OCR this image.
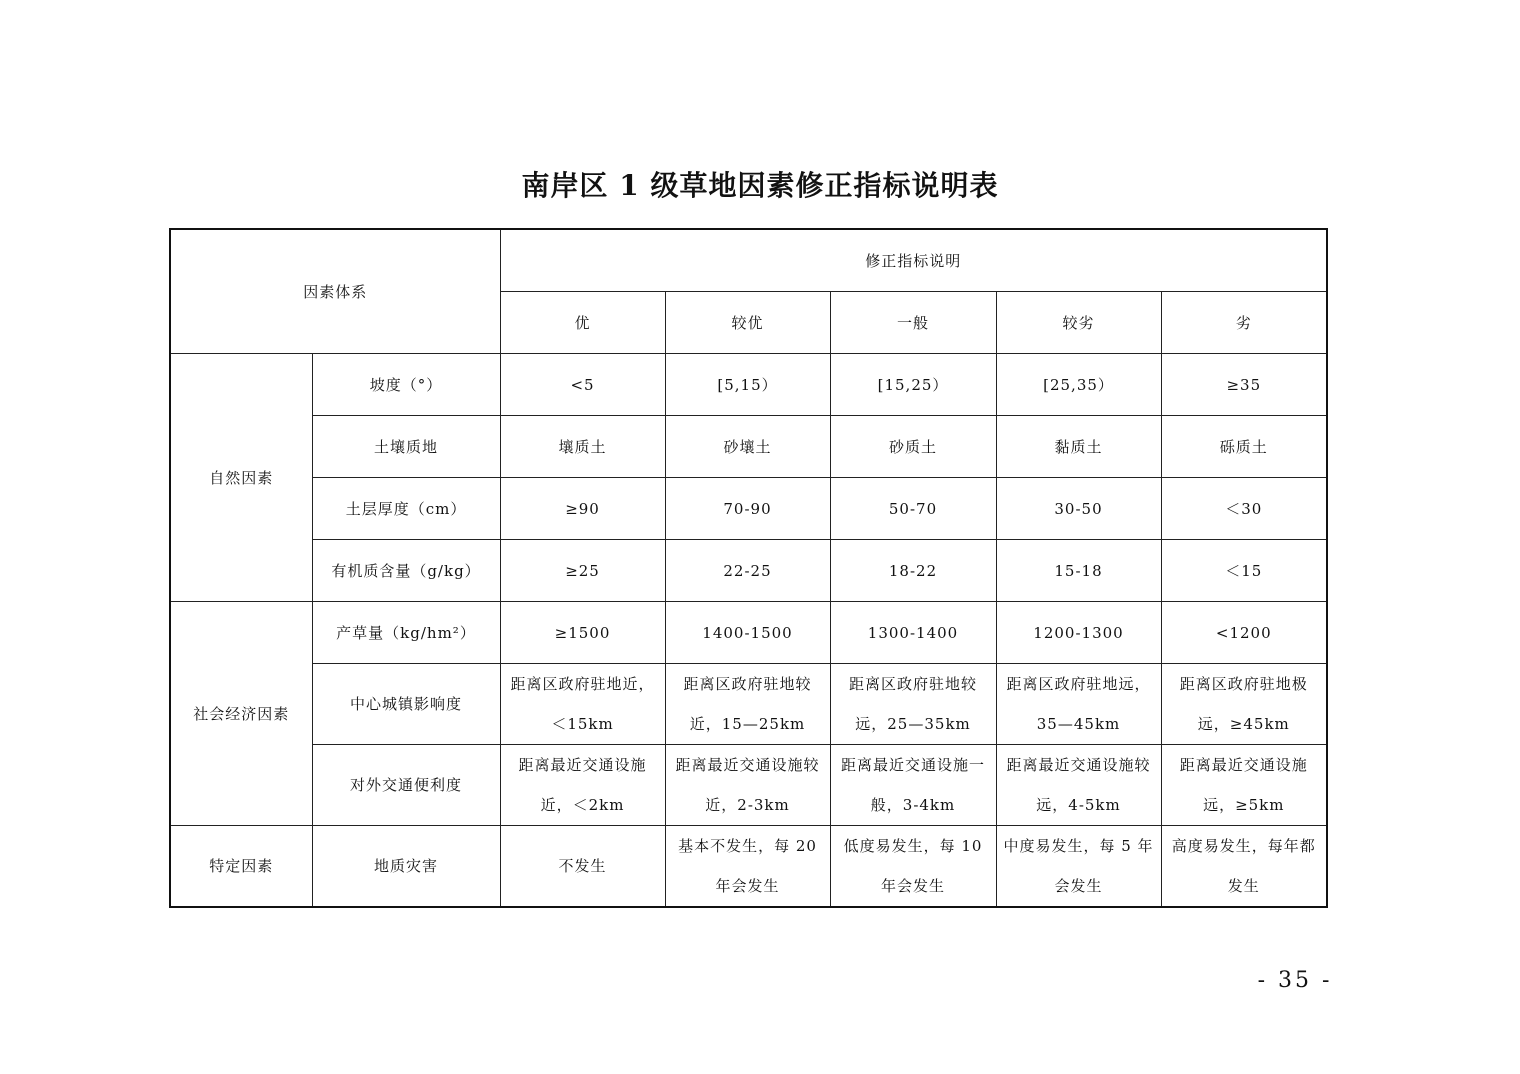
南岸区 1 级草地因素修正指标说明表
因素体系		修正指标说明				
		优	较优	一般	较劣	劣
自然因素	坡度（°）	<5	[5,15）	[15,25）	[25,35）	≥35
	土壤质地	壤质土	砂壤土	砂质土	黏质土	砾质土
	土层厚度（cm）	≥90	70-90	50-70	30-50	＜30
	有机质含量（g/kg）	≥25	22-25	18-22	15-18	＜15
社会经济因素	产草量（kg/hm²）	≥1500	1400-1500	1300-1400	1200-1300	<1200
	中心城镇影响度	距离区政府驻地近，＜15km	距离区政府驻地较近，15—25km	距离区政府驻地较远，25—35km	距离区政府驻地远，35—45km	距离区政府驻地极远，≥45km
	对外交通便利度	距离最近交通设施近，＜2km	距离最近交通设施较近，2-3km	距离最近交通设施一般，3-4km	距离最近交通设施较远，4-5km	距离最近交通设施远，≥5km
特定因素	地质灾害	不发生	基本不发生，每 20 年会发生	低度易发生，每 10 年会发生	中度易发生，每 5 年会发生	高度易发生，每年都发生
- 35 -
